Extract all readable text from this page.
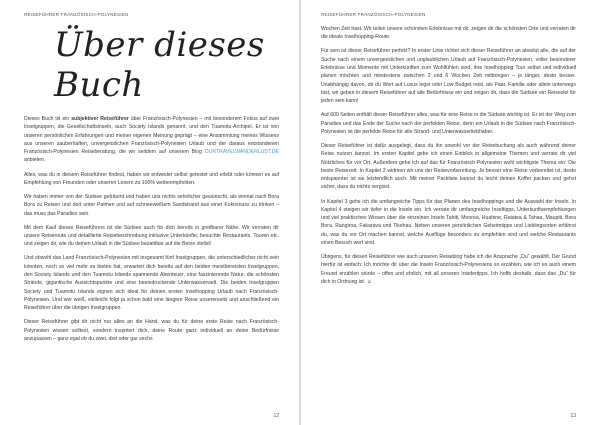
REISEFÜHRER FRANZÖSISCH-POLYNESIEN
Über dieses Buch

Dieses Buch ist ein subjektiver Reiseführer über Französisch-Polynesien – mit besonderem Fokus auf zwei Inselgruppen, die Gesellschaftsinseln, auch Society Islands genannt, und den Tuamotu-Archipel. Er ist von unseren persönlichen Erfahrungen und meiner eigenen Meinung geprägt – eine Ansammlung meines Wissens aus unseren zauberhaften, unvergesslichen Französisch-Polynesien Urlaub und der daraus entstandenen Französisch-Polynesien Reiseberatung, die wir seitdem auf unserem Blog OURTRAVELWANDERLUST.DE anbieten.

Alles, was du in diesem Reiseführer findest, haben wir entweder selbst getestet und erlebt oder können es auf Empfehlung von Freunden oder unseren Lesern zu 100% weiterempfehlen.

Wir haben immer von der Südsee geträumt und haben uns nichts sehnlicher gewünscht, als einmal nach Bora Bora zu Reisen und dort unter Palmen und auf schneeweißem Sandstrand aus einer Kokosnuss zu trinken – das muss das Paradies sein.

Mit dem Kauf dieses Reiseführers ist die Südsee auch für dich bereits in greifbarer Nähe. Wir verraten dir unsere Reiseroute und detaillierte Reisebeschreibung inklusive Unterkünfte, besuchte Restaurants, Touren etc. und zeigen dir, wie du deinen Urlaub in die Südsee bezahlbar auf die Beine stellst!

Und obwohl das Land Französisch-Polynesien mit insgesamt fünf Inselgruppen, die unterschiedlicher nicht sein könnten, noch so viel mehr zu bieten hat, erwarten dich bereits auf den beiden meistbereisten Inselgruppen, den Society Islands und den Tuamotu Islands spannende Abenteuer, eine faszinierende Natur, die schönsten Strände, gigantische Aussichtspunkte und eine beeindruckende Unterwasserwelt. Die beiden Inselgruppen Society und Tuamotu Islands eignen sich ideal für deinen ersten Inselhopping Urlaub nach Französisch-Polynesien. Und wer weiß, vielleicht folgt ja schon bald eine längere Reise unsererseits und anschließend ein Reiseführer über die übrigen Inselgruppen.

Dieser Reiseführer gibt dir nicht nur alles an die Hand, was du für deine erste Reise nach Französisch-Polynesien wissen solltest, sondern inspiriert dich, deine Route ganz individuell an deine Bedürfnisse anzupassen – ganz egal ob du zwei, drei oder gar sechs

12
REISEFÜHRER FRANZÖSISCH-POLYNESIEN

Wochen Zeit hast. Wir teilen unsere schönsten Erlebnisse mit dir, zeigen dir die schönsten Orte und verraten dir die ideale Inselhopping-Route.

Für wen ist dieser Reiseführer perfekt? In erster Linie richtet sich dieser Reiseführer an absolut alle, die auf der Suche nach einem unvergesslichen und unglaublichen Urlaub auf Französisch-Polynesien, voller besonderer Erlebnisse und Momente mit Unterkünften zum Wohlfühlen sind, ihre Inselhopping Tour selbst und individuell planen möchten und mindestens zwischen 2 und 6 Wochen Zeit mitbringen – je länger, desto besser. Unabhängig davon, ob du Wert auf Luxus legst oder Low Budget reist, als Paar, Familie oder allein unterwegs bist, wir geben in diesem Reiseführer auf alle Bedürfnisse ein und zeigen dir, dass die Südsee ein Reiseziel für jeden sein kann!

Auf 600 Seiten enthält dieser Reiseführer alles, was für eine Reise in die Südsee wichtig ist. Er ist der Weg zum Paradies und das Ende der Suche nach der perfekten Reise, denn ein Urlaub in die Südsee nach Französisch-Polynesien ist die perfekte Reise für alle Strand- und Unterwasserliebhaber.

Dieser Reiseführer ist dafür ausgelegt, dass du ihn sowohl vor der Reisebuchung als auch während deiner Reise nutzen kannst. Im ersten Kapitel gebe ich einen Einblick in allgemeine Themen und verrate dir viel Nützliches für vor Ort. Außerdem gehe ich auf das für Französisch-Polynesien wohl wichtigste Thema ein: Die beste Reisezeit. In Kapitel 2 widmen wir uns der Reisevorbereitung. Je besser eine Reise vorbereitet ist, desto entspannter ist sie letztendlich auch. Mit meiner Packliste kannst du leicht deinen Koffer packen und gehst sicher, dass du nichts vergisst.

In Kapitel 3 gehe ich die umfangreiche Tipps für das Planen des Inselhoppings und die Auswahl der Inseln. In Kapitel 4 steigen wir tiefer in die Inseln ein. Ich verrate dir umfangreiche Inseltipps, Unterkunftsempfehlungen und viel praktisches Wissen über die einzelnen Inseln Tahiti, Moorea, Huahine, Raiatea & Tahaa, Maupiti, Bora Bora, Rangiroa, Fakarava und Tikehau. Neben unseren persönlichen Geheimtipps und Lieblingsorten erfährst du, was du vor Ort machen kannst, welche Ausflüge besonders zu empfehlen sind und welche Restaurants einen Besuch wert sind.

Übrigens, für diesen Reiseführer wie auch unseren Reiseblog habe ich die Ansprache „Du“ gewählt. Der Grund hierfür ist einfach: Ich möchte dir über die Inseln Französisch-Polynesiens so erzählen, wie ich es auch einem Freund erzählen würde – offen und ehrlich, mit all unseren Insidertipps. Ich hoffe deshalb, dass das „Du“ für dich in Ordnung ist. ☺

13
